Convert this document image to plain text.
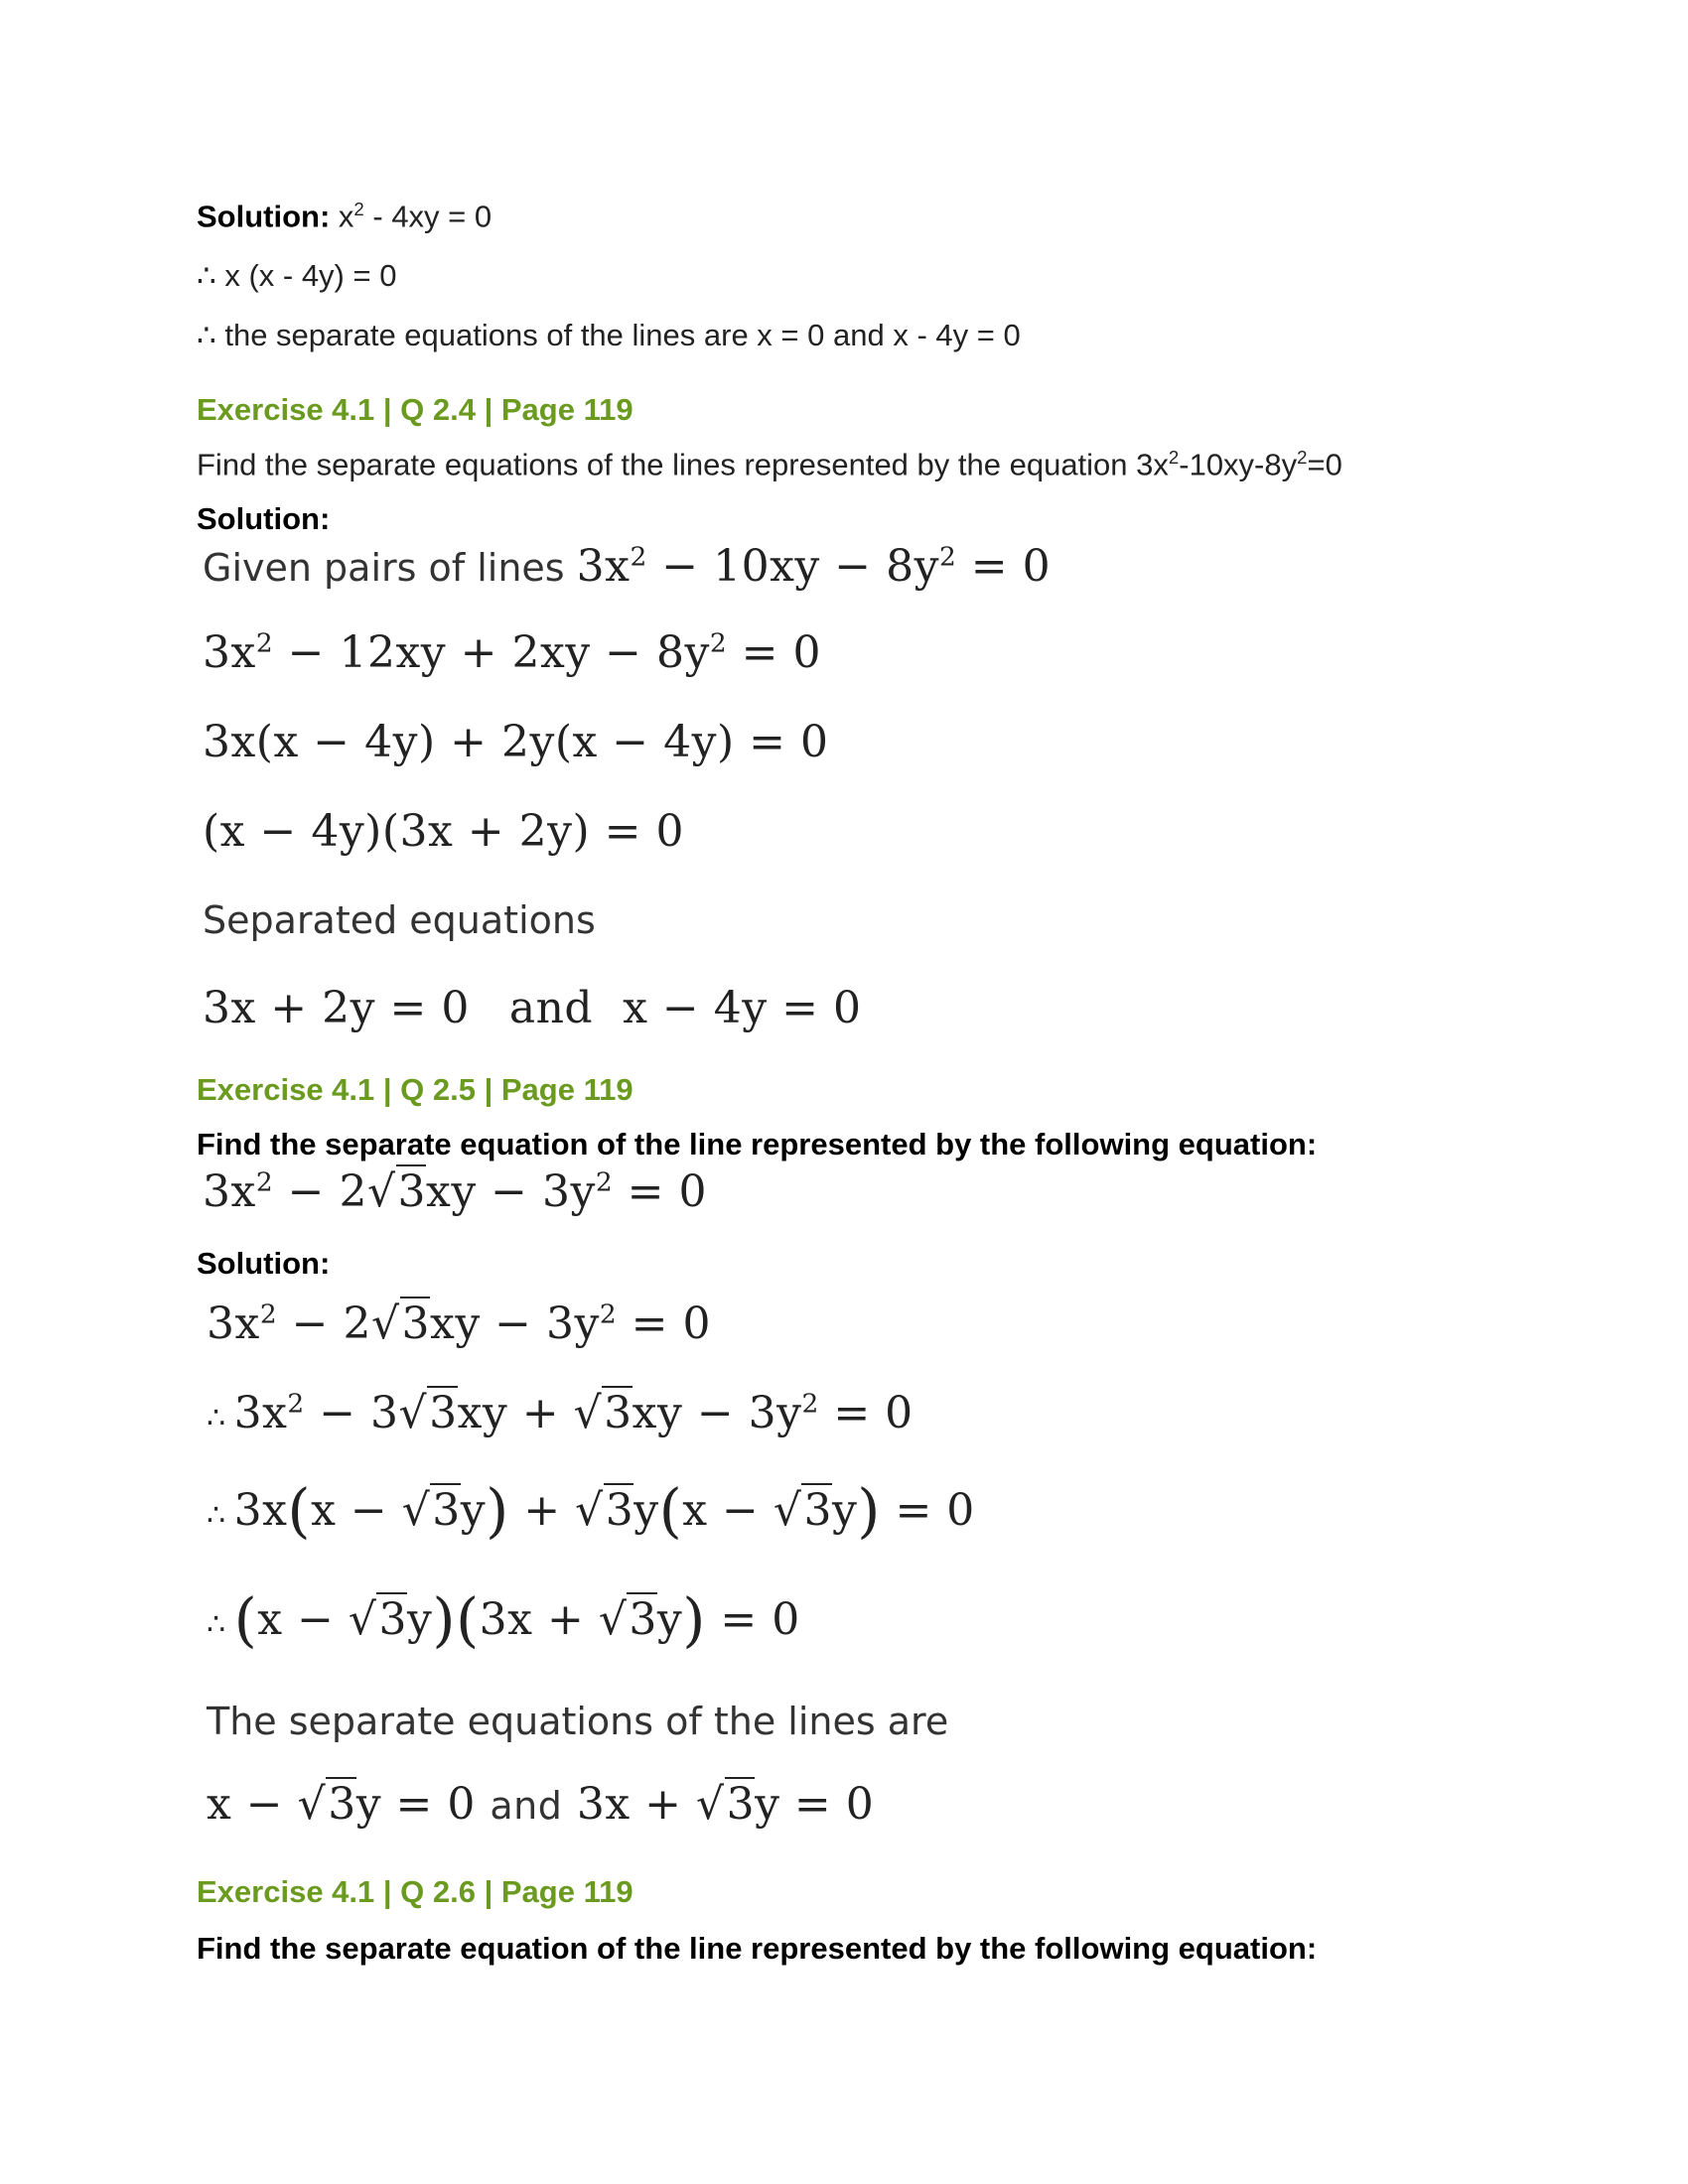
Solution: $x^2 - 4xy = 0$
∴ x (x - 4y) = 0
∴ the separate equations of the lines are x = 0 and x - 4y = 0
Exercise 4.1 | Q 2.4 | Page 119
Find the separate equations of the lines represented by the equation $3x^2-10xy-8y^2=0$
Solution:
Given pairs of lines $3x^2 - 10xy - 8y^2 = 0$
$3x^2 - 12xy + 2xy - 8y^2 = 0$
3x(x − 4y) + 2y(x − 4y) = 0
(x − 4y)(3x + 2y) = 0
Separated equations
3x + 2y = 0 and x − 4y = 0
Exercise 4.1 | Q 2.5 | Page 119
Find the separate equation of the line represented by the following equation:
$3x^2 - 2√3xy - 3y^2 = 0$
Solution:
$3x^2 - 2√3xy - 3y^2 = 0$
∴ $3x^2 - 3√3xy + √3xy - 3y^2 = 0$
∴ 3x(x − √3y) + √3y(x − √3y) = 0
∴ (x − √3y)(3x + √3y) = 0
The separate equations of the lines are
x − √3y = 0 and 3x + √3y = 0
Exercise 4.1 | Q 2.6 | Page 119
Find the separate equation of the line represented by the following equation:
